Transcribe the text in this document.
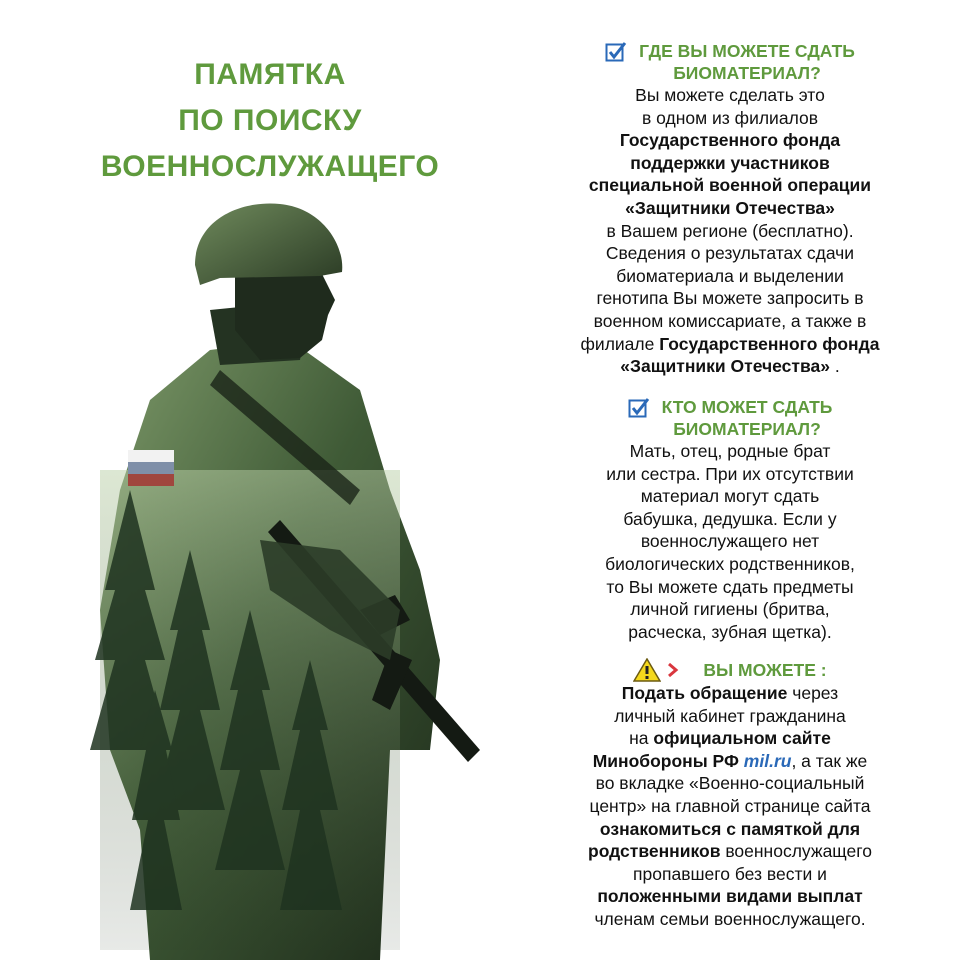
ПАМЯТКА
ПО ПОИСКУ
ВОЕННОСЛУЖАЩЕГО
ГДЕ ВЫ МОЖЕТЕ СДАТЬ
БИОМАТЕРИАЛ?
Вы можете сделать это
в одном из филиалов
Государственного фонда
поддержки участников
специальной военной операции
«Защитники Отечества»
в Вашем регионе (бесплатно).
Сведения о результатах сдачи
биоматериала и выделении
генотипа Вы можете запросить в
военном комиссариате, а также в
филиале Государственного фонда
«Защитники Отечества» .
КТО МОЖЕТ СДАТЬ
БИОМАТЕРИАЛ?
Мать, отец, родные брат
или сестра. При их отсутствии
материал могут сдать
бабушка, дедушка. Если у
военнослужащего нет
биологических родственников,
то Вы можете сдать предметы
личной гигиены (бритва,
расческа, зубная щетка).
ВЫ МОЖЕТЕ :
Подать обращение через
личный кабинет гражданина
на официальном сайте
Минобороны РФ mil.ru, а так же
во вкладке «Военно-социальный
центр» на главной странице сайта
ознакомиться с памяткой для
родственников военнослужащего
пропавшего без вести и
положенными видами выплат
членам семьи военнослужащего.
